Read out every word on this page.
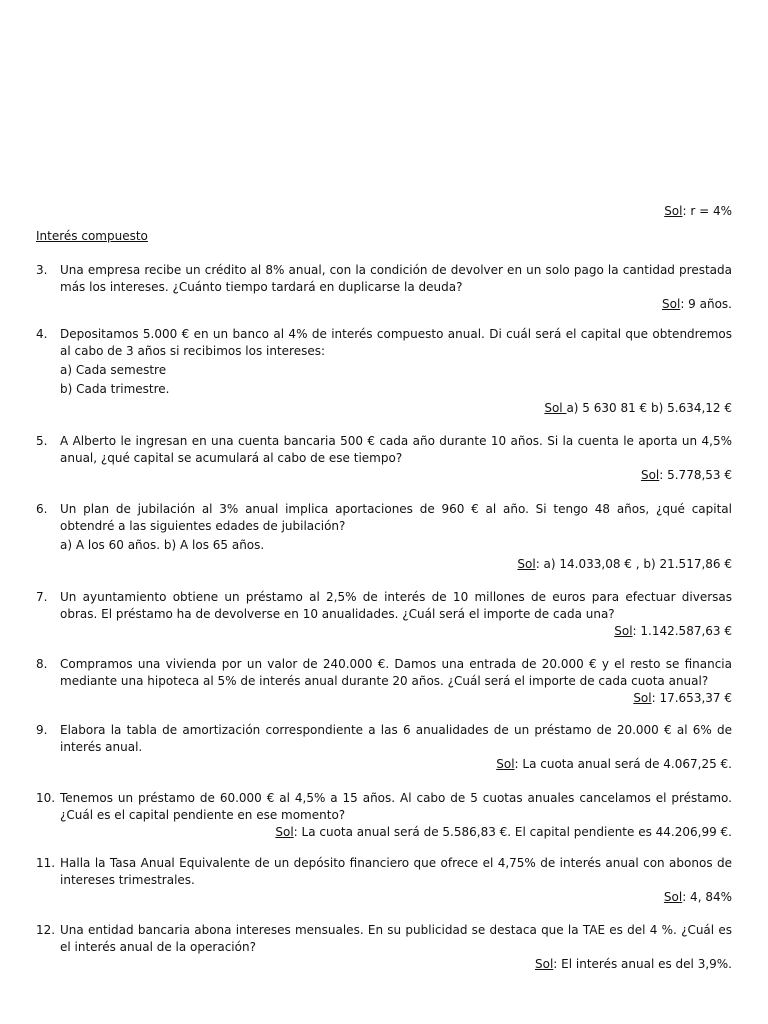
Sol: r = 4%
Interés compuesto
3.	Una empresa recibe un crédito al 8% anual, con la condición de devolver en un solo pago la cantidad prestada más los intereses. ¿Cuánto tiempo tardará en duplicarse la deuda?
Sol: 9 años.
4.	Depositamos 5.000 € en un banco al 4% de interés compuesto anual. Di cuál será el capital que obtendremos al cabo de 3 años si recibimos los intereses:
a) Cada semestre
b) Cada trimestre.
Sol a) 5 630 81 € b) 5.634,12 €
5.	A Alberto le ingresan en una cuenta bancaria 500 € cada año durante 10 años. Si la cuenta le aporta un 4,5% anual, ¿qué capital se acumulará al cabo de ese tiempo?
Sol: 5.778,53 €
6.	Un plan de jubilación al 3% anual implica aportaciones de 960 € al año. Si tengo 48 años, ¿qué capital obtendré a las siguientes edades de jubilación?
a) A los 60 años. b) A los 65 años.
Sol: a) 14.033,08 € , b) 21.517,86 €
7.	Un ayuntamiento obtiene un préstamo al 2,5% de interés de 10 millones de euros para efectuar diversas obras. El préstamo ha de devolverse en 10 anualidades. ¿Cuál será el importe de cada una?
Sol: 1.142.587,63 €
8.	Compramos una vivienda por un valor de 240.000 €. Damos una entrada de 20.000 € y el resto se financia mediante una hipoteca al 5% de interés anual durante 20 años. ¿Cuál será el importe de cada cuota anual?
Sol: 17.653,37 €
9.	Elabora la tabla de amortización correspondiente a las 6 anualidades de un préstamo de 20.000 € al 6% de interés anual.
Sol: La cuota anual será de 4.067,25 €.
10. Tenemos un préstamo de 60.000 € al 4,5% a 15 años. Al cabo de 5 cuotas anuales cancelamos el préstamo. ¿Cuál es el capital pendiente en ese momento?
Sol: La cuota anual será de 5.586,83 €. El capital pendiente es 44.206,99 €.
11. Halla la Tasa Anual Equivalente de un depósito financiero que ofrece el 4,75% de interés anual con abonos de intereses trimestrales.
Sol: 4, 84%
12. Una entidad bancaria abona intereses mensuales. En su publicidad se destaca que la TAE es del 4 %. ¿Cuál es el interés anual de la operación?
Sol: El interés anual es del 3,9%.
